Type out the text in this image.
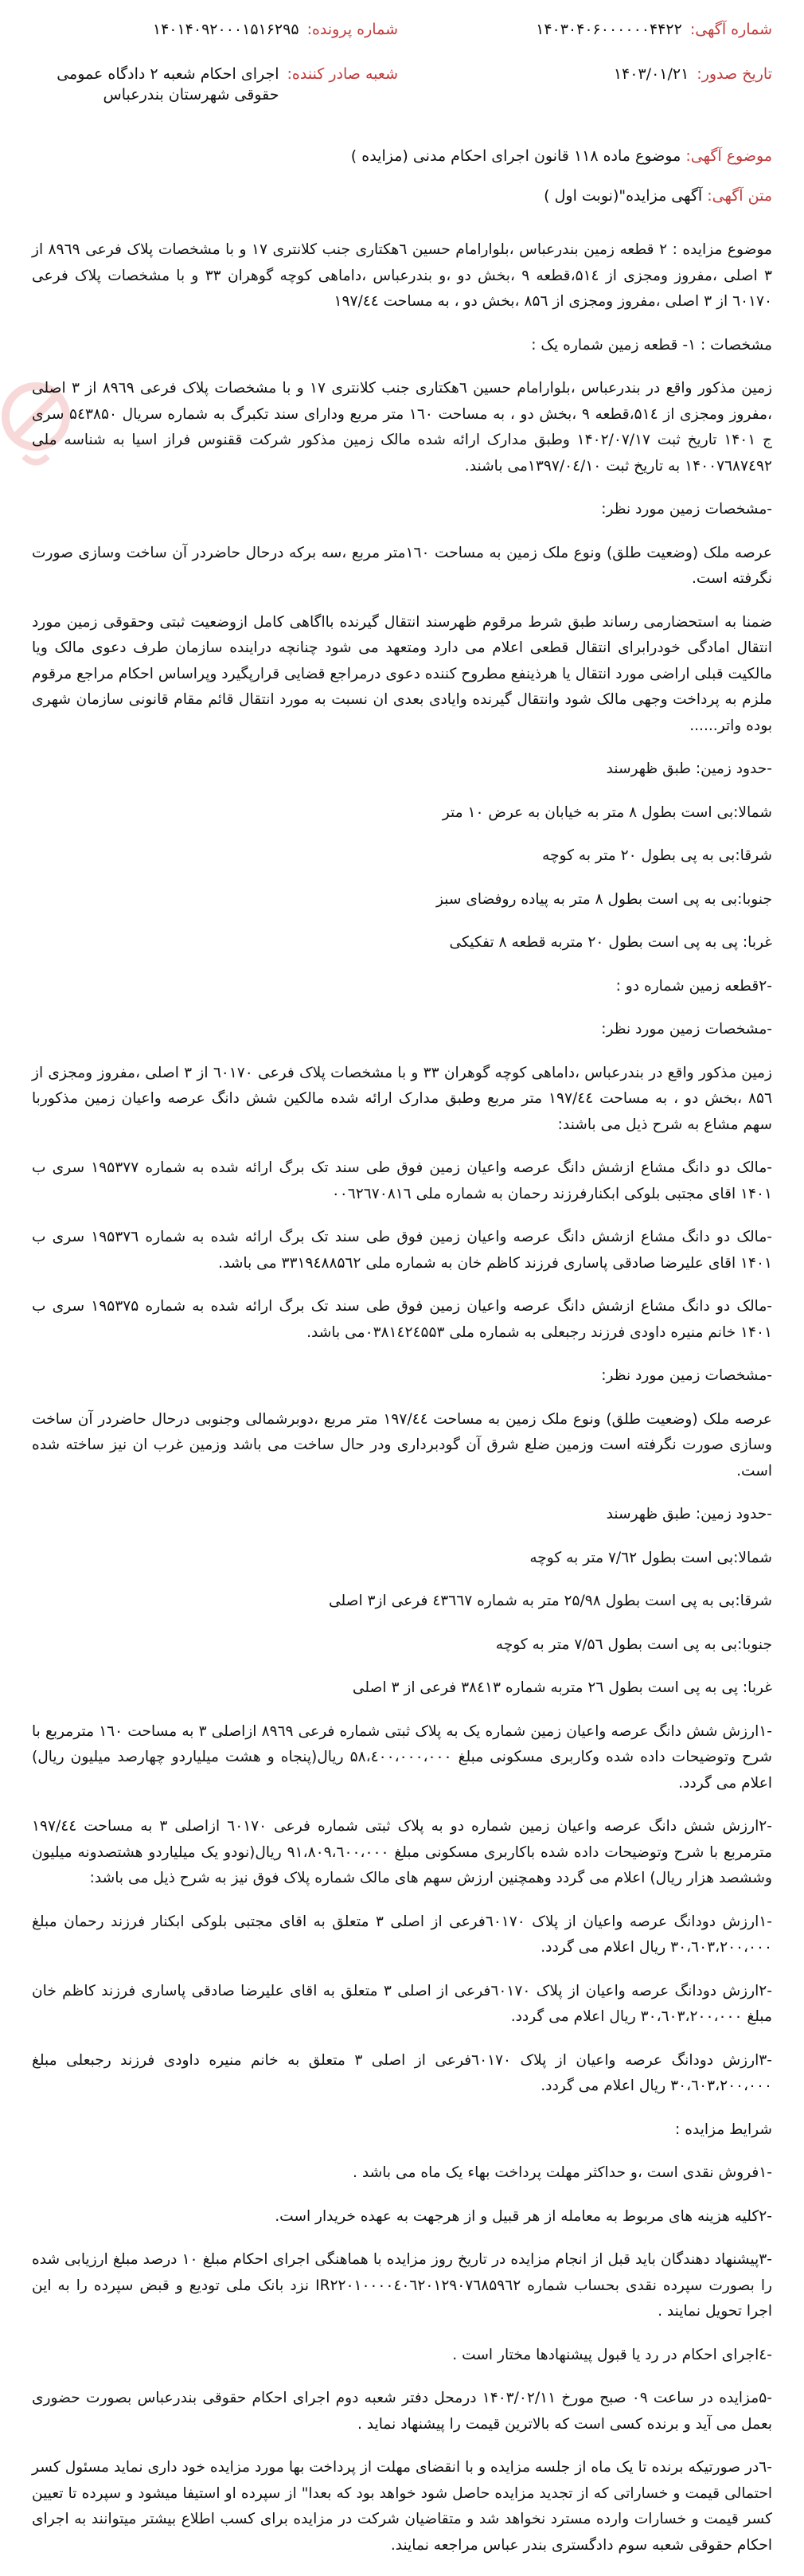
شماره آگهی:
۱۴۰۳۰۴۰۶۰۰۰۰۰۰۴۴۲۲
تاریخ صدور:
۱۴۰۳/۰۱/۲۱
شماره پرونده:
۱۴۰۱۴۰۹۲۰۰۰۱۵۱۶۲۹۵
شعبه صادر کننده:
اجرای احکام شعبه ۲ دادگاه عمومی حقوقی شهرستان بندرعباس
موضوع آگهی: موضوع ماده ۱۱۸ قانون اجرای احکام مدنی (مزایده )
متن آگهی: آگهی مزایده"(نوبت اول )

موضوع مزایده : ۲ قطعه زمین بندرعباس ،بلوارامام حسین ٦هکتاری جنب کلانتری ۱۷ و با مشخصات پلاک فرعی ۸۹٦۹ از ۳ اصلی ،مفروز ومجزی از ۵۱٤،قطعه ۹ ،بخش دو ،و بندرعباس ،داماهی کوچه گوهران ۳۳ و با مشخصات پلاک فرعی ٦۰۱۷۰ از ۳ اصلی ،مفروز ومجزی از ۸۵٦ ،بخش دو ، به مساحت ۱۹۷/٤٤

مشخصات : ۱- قطعه زمین شماره یک :

زمین مذکور واقع در بندرعباس ،بلوارامام حسین ٦هکتاری جنب کلانتری ۱۷ و با مشخصات پلاک فرعی ۸۹٦۹ از ۳ اصلی ،مفروز ومجزی از ۵۱٤،قطعه ۹ ،بخش دو ، به مساحت ۱٦۰ متر مربع ودارای سند تکبرگ به شماره سریال ۵٤۳۸۵۰ سری ج ۱۴۰۱ تاریخ ثبت ۱۴۰۲/۰۷/۱۷ وطبق مدارک ارائه شده مالک زمین مذکور شرکت ققنوس فراز اسیا به شناسه ملی ۱۴۰۰۷٦۸۷٤۹۲ به تاریخ ثبت ۱۳۹۷/۰٤/۱۰می باشند.

-مشخصات زمین مورد نظر:

عرصه ملک (وضعیت طلق) ونوع ملک زمین به مساحت ۱٦۰متر مربع ،سه برکه درحال حاضردر آن ساخت وسازی صورت نگرفته است.

ضمنا به استحضارمی رساند طبق شرط مرقوم ظهرسند انتقال گیرنده بااگاهی کامل ازوضعیت ثبتی وحقوقی زمین مورد انتقال امادگی خودرابرای انتقال قطعی اعلام می دارد ومتعهد می شود چنانچه دراینده سازمان طرف دعوی مالک ویا مالکیت قبلی اراضی مورد انتقال یا هرذینفع مطروح کننده دعوی درمراجع قضایی قرارپگیرد وپراساس احکام مراجع مرقوم ملزم به پرداخت وجهی مالک شود وانتقال گیرنده وایادی بعدی ان نسبت به مورد انتقال قائم مقام قانونی سازمان شهری بوده واتر......

-حدود زمین: طبق ظهرسند

شمالا:بی است بطول ۸ متر به خیابان به عرض ۱۰ متر

شرقا:بی به پی بطول ۲۰ متر به کوچه

جنوبا:بی به پی است بطول ۸ متر به پیاده روفضای سبز

غربا: پی به پی است بطول ۲۰ متربه قطعه ۸ تفکیکی

-۲قطعه زمین شماره دو :

-مشخصات زمین مورد نظر:

زمین مذکور واقع در بندرعباس ،داماهی کوچه گوهران ۳۳ و با مشخصات پلاک فرعی ٦۰۱۷۰ از ۳ اصلی ،مفروز ومجزی از ۸۵٦ ،بخش دو ، به مساحت ۱۹۷/٤٤ متر مربع وطبق مدارک ارائه شده مالکین شش دانگ عرصه واعیان زمین مذکوربا سهم مشاع به شرح ذیل می باشند:

-مالک دو دانگ مشاع ازشش دانگ عرصه واعیان زمین فوق طی سند تک برگ ارائه شده به شماره ۱۹۵۳۷۷ سری ب ۱۴۰۱ اقای مجتبی بلوکی ابکنارفرزند رحمان به شماره ملی ۰۰٦۲٦۷۰۸۱٦

-مالک دو دانگ مشاع ازشش دانگ عرصه واعیان زمین فوق طی سند تک برگ ارائه شده به شماره ۱۹۵۳۷٦ سری ب ۱۴۰۱ اقای علیرضا صادقی پاساری فرزند کاظم خان به شماره ملی ۳۳۱۹٤۸۸۵٦۲ می باشد.

-مالک دو دانگ مشاع ازشش دانگ عرصه واعیان زمین فوق طی سند تک برگ ارائه شده به شماره ۱۹۵۳۷۵ سری ب ۱۴۰۱ خانم منیره داودی فرزند رجبعلی به شماره ملی ۰۳۸۱٤٢٤۵۵۳می باشد.

-مشخصات زمین مورد نظر:

عرصه ملک (وضعیت طلق) ونوع ملک زمین به مساحت ۱۹۷/٤٤ متر مربع ،دوبرشمالی وجنوبی درحال حاضردر آن ساخت وسازی صورت نگرفته است وزمین ضلع شرق آن گودبرداری ودر حال ساخت می باشد وزمین غرب ان نیز ساخته شده است.

-حدود زمین: طبق ظهرسند

شمالا:بی است بطول ۷/٦۲ متر به کوچه

شرقا:بی به پی است بطول ۲۵/۹۸ متر به شماره ٤۳٦٦۷ فرعی از۳ اصلی

جنوبا:بی به پی است بطول ۷/۵٦ متر به کوچه

غربا: پی به پی است بطول ٢٦ متربه شماره ۳۸٤۱۳ فرعی از ۳ اصلی

-۱ارزش شش دانگ عرصه واعیان زمین شماره یک به پلاک ثبتی شماره فرعی ۸۹٦۹ ازاصلی ۳ به مساحت ۱٦۰ مترمربع با شرح وتوضیحات داده شده وکاربری مسکونی مبلغ ۵۸،٤۰۰،۰۰۰،۰۰۰ ریال(پنجاه و هشت میلیاردو چهارصد میلیون ریال) اعلام می گردد.

-۲ارزش شش دانگ عرصه واعیان زمین شماره دو به پلاک ثبتی شماره فرعی ٦۰۱۷۰ ازاصلی ۳ به مساحت ۱۹۷/٤٤ مترمربع با شرح وتوضیحات داده شده باکاربری مسکونی مبلغ ۹۱،۸۰۹،٦۰۰،۰۰۰ ریال(نودو یک میلیاردو هشتصدونه میلیون وششصد هزار ریال) اعلام می گردد وهمچنین ارزش سهم های مالک شماره پلاک فوق نیز به شرح ذیل می باشد:

-۱ارزش دودانگ عرصه واعیان از پلاک ٦۰۱۷۰فرعی از اصلی ۳ متعلق به اقای مجتبی بلوکی ابکنار فرزند رحمان مبلغ ۳۰،٦۰۳،٢۰۰،۰۰۰ ریال اعلام می گردد.

-۲ارزش دودانگ عرصه واعیان از پلاک ٦۰۱۷۰فرعی از اصلی ۳ متعلق به اقای علیرضا صادقی پاساری فرزند کاظم خان مبلغ ۳۰،٦۰۳،٢۰۰،۰۰۰ ریال اعلام می گردد.

-۳ارزش دودانگ عرصه واعیان از پلاک ٦۰۱۷۰فرعی از اصلی ۳ متعلق به خانم منیره داودی فرزند رجبعلی مبلغ ۳۰،٦۰۳،٢۰۰،۰۰۰ ریال اعلام می گردد.

شرایط مزایده :

-۱فروش نقدی است ،و حداکثر مهلت پرداخت بهاء یک ماه می باشد .

-۲کلیه هزینه های مربوط به معامله از هر قبیل و از هرجهت به عهده خریدار است.

-۳پیشنهاد دهندگان باید قبل از انجام مزایده در تاریخ روز مزایده با هماهنگی اجرای احکام مبلغ ۱۰ درصد مبلغ ارزیابی شده را بصورت سپرده نقدی بحساب شماره IR۲۲۰۱۰۰۰۰٤۰٦٢۰۱۲۹۰۷٦۸۵۹٦٢ نزد بانک ملی تودیع و قبض سپرده را به این اجرا تحویل نمایند .

-٤اجرای احکام در رد یا قبول پیشنهادها مختار است .

-۵مزایده در ساعت ۰۹ صبح مورخ ۱۴۰۳/۰۲/۱۱ درمحل دفتر شعبه دوم اجرای احکام حقوقی بندرعباس بصورت حضوری بعمل می آید و برنده کسی است که بالاترین قیمت را پیشنهاد نماید .

-٦در صورتیکه برنده تا یک ماه از جلسه مزایده و با انقضای مهلت از پرداخت بها مورد مزایده خود داری نماید مسئول کسر احتمالی قیمت و خساراتی که از تجدید مزایده حاصل شود خواهد بود که بعدا" از سپرده او استیفا میشود و سپرده تا تعیین کسر قیمت و خسارات وارده مسترد نخواهد شد و متقاضیان شرکت در مزایده برای کسب اطلاع بیشتر میتوانند به اجرای احکام حقوقی شعبه سوم دادگستری بندر عباس مراجعه نمایند.
